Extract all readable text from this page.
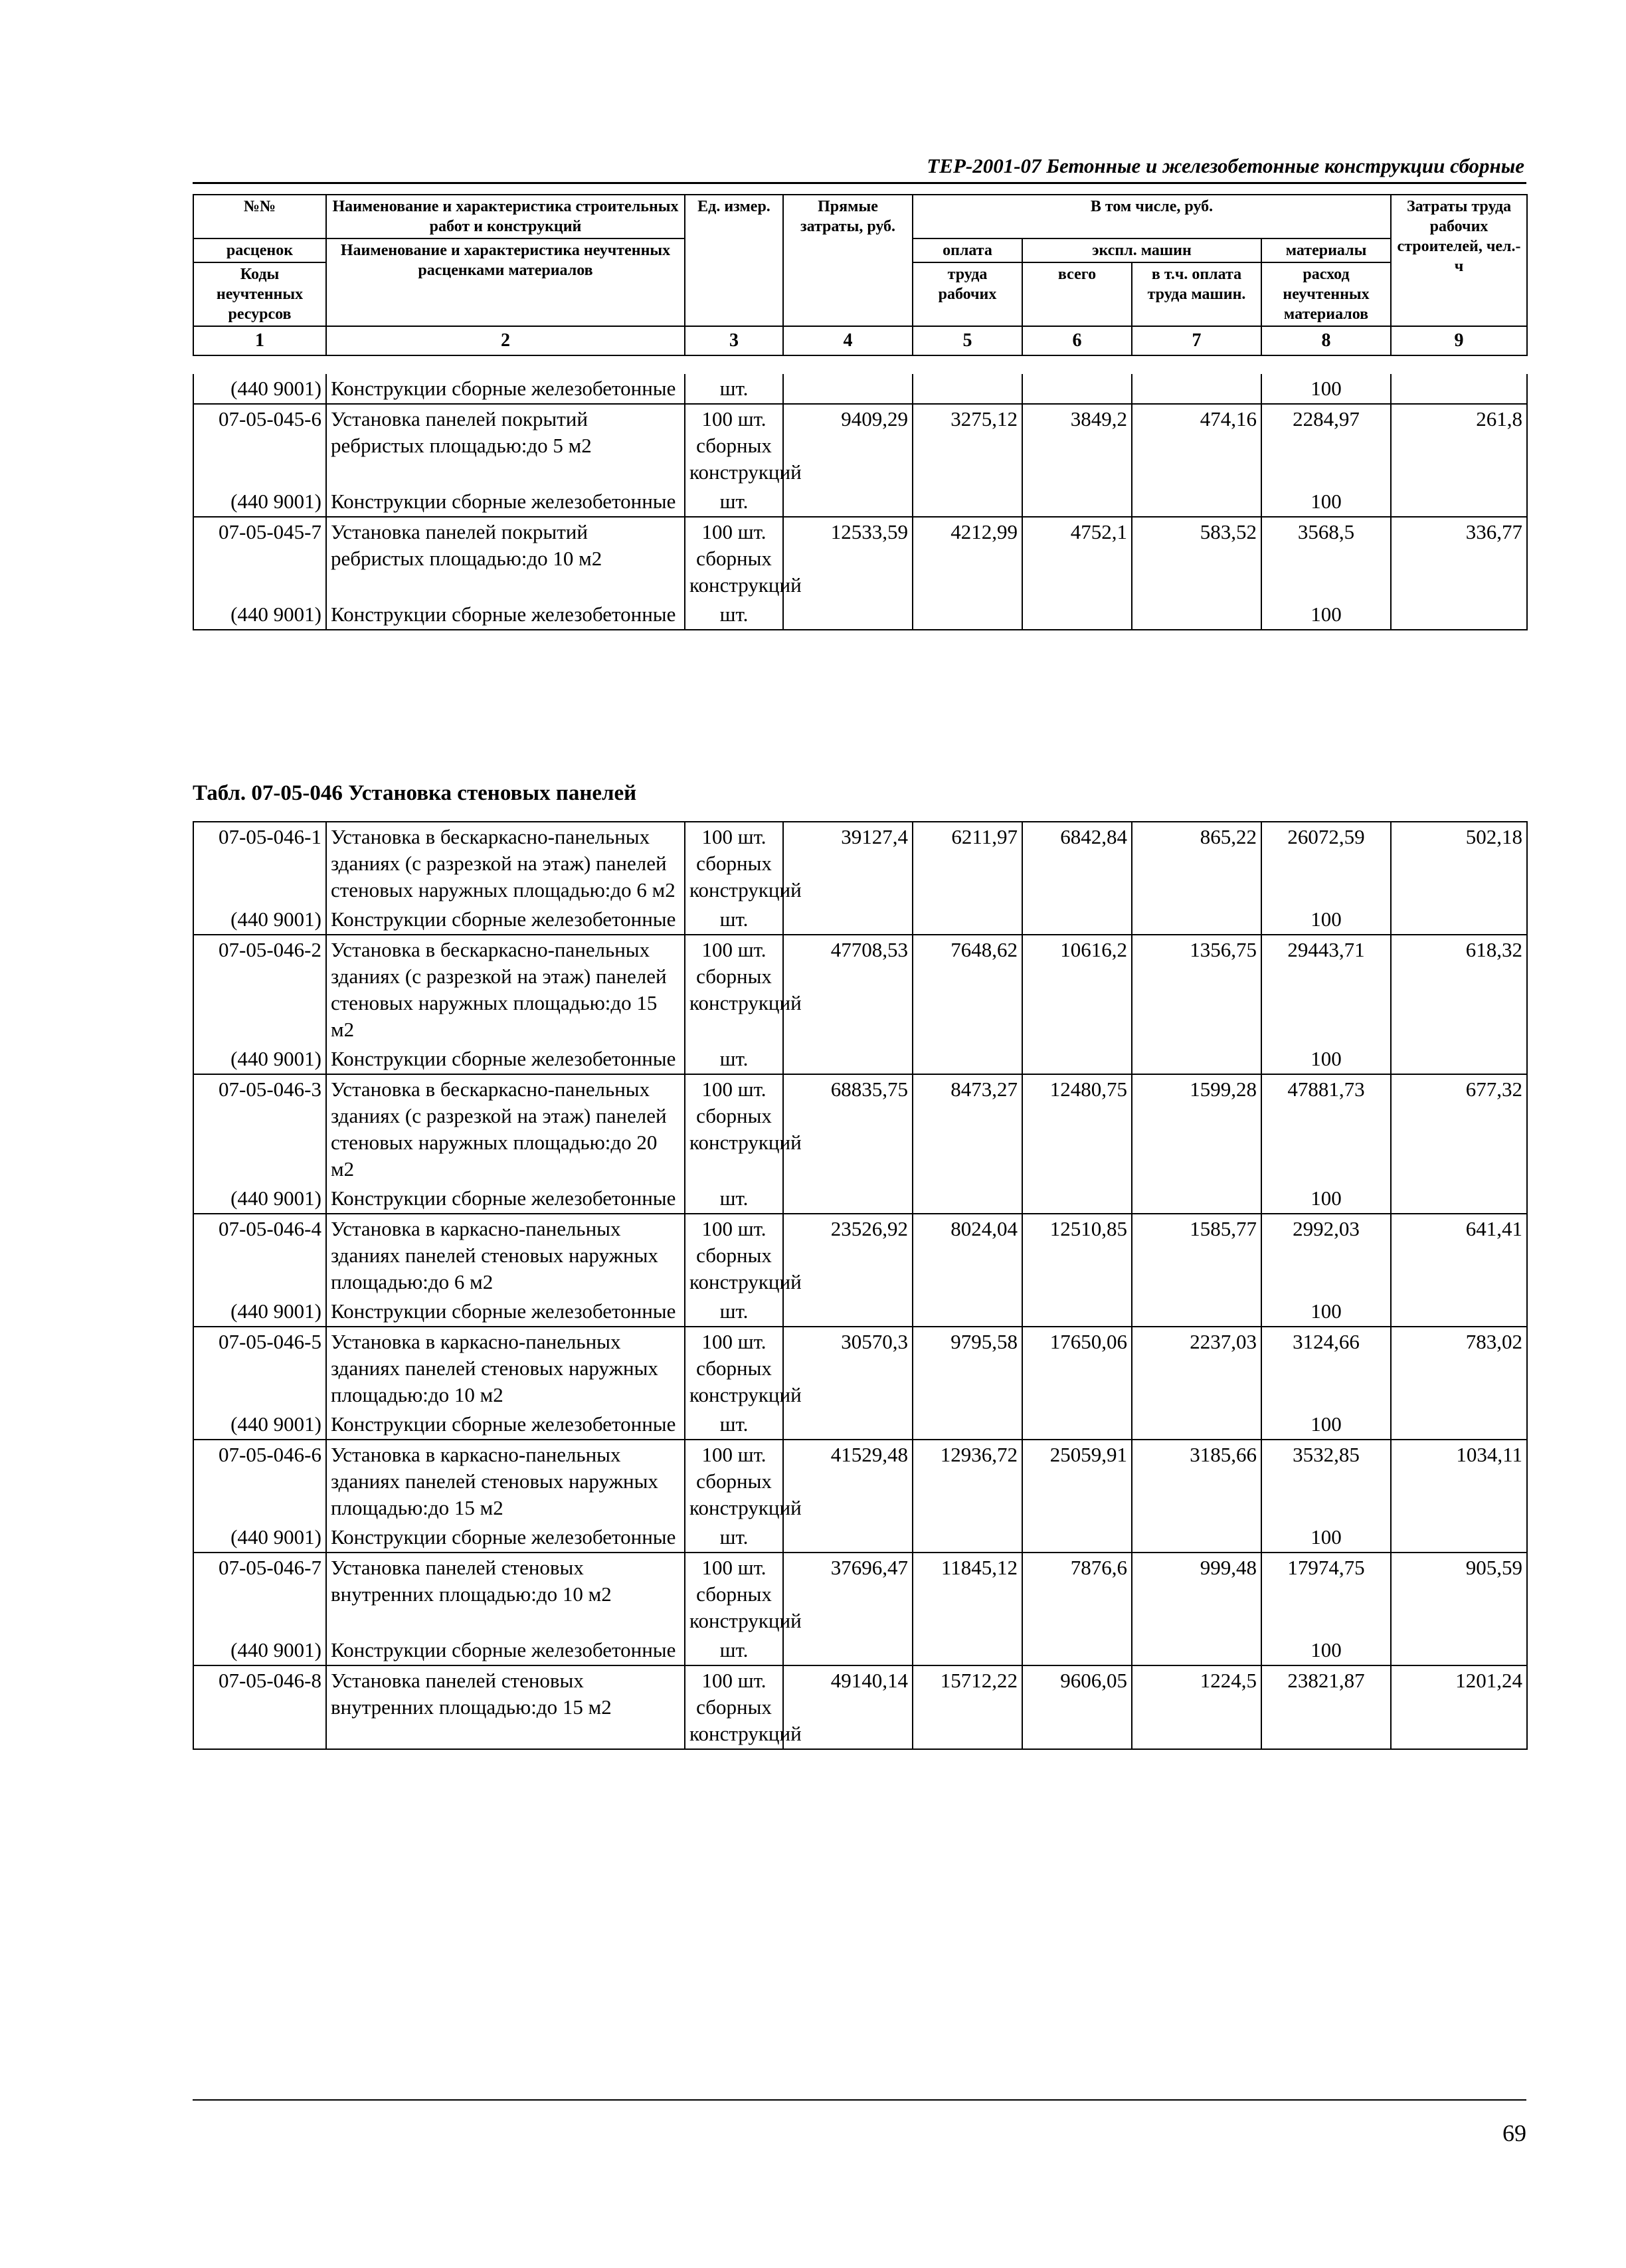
ТЕР-2001-07 Бетонные и железобетонные конструкции сборные
№№	Наименование и характеристика строительных работ и конструкций	Ед. измер.	Прямые затраты, руб.	В том числе, руб.				Затраты труда рабочих строителей, чел.-ч
расценок	Наименование и характеристика неучтенных расценками материалов			оплата	экспл. машин		материалы	
Коды неучтенных ресурсов				труда рабочих	всего	в т.ч. оплата труда машин.	расход неучтенных материалов	

1	2	3	4	5	6	7	8	9
(440 9001)	Конструкции сборные железобетонные	шт.					100	
07-05-045-6	Установка панелей покрытий ребристых площадью:до 5 м2	100 шт. сборных конструкций	9409,29	3275,12	3849,2	474,16	2284,97	261,8
(440 9001)	Конструкции сборные железобетонные	шт.					100	
07-05-045-7	Установка панелей покрытий ребристых площадью:до 10 м2	100 шт. сборных конструкций	12533,59	4212,99	4752,1	583,52	3568,5	336,77
(440 9001)	Конструкции сборные железобетонные	шт.					100	
Табл. 07-05-046 Установка стеновых панелей
07-05-046-1	Установка в бескаркасно-панельных зданиях (с разрезкой на этаж) панелей стеновых наружных площадью:до 6 м2	100 шт. сборных конструкций	39127,4	6211,97	6842,84	865,22	26072,59	502,18
(440 9001)	Конструкции сборные железобетонные	шт.					100	
07-05-046-2	Установка в бескаркасно-панельных зданиях (с разрезкой на этаж) панелей стеновых наружных площадью:до 15 м2	100 шт. сборных конструкций	47708,53	7648,62	10616,2	1356,75	29443,71	618,32
(440 9001)	Конструкции сборные железобетонные	шт.					100	
07-05-046-3	Установка в бескаркасно-панельных зданиях (с разрезкой на этаж) панелей стеновых наружных площадью:до 20 м2	100 шт. сборных конструкций	68835,75	8473,27	12480,75	1599,28	47881,73	677,32
(440 9001)	Конструкции сборные железобетонные	шт.					100	
07-05-046-4	Установка в каркасно-панельных зданиях панелей стеновых наружных площадью:до 6 м2	100 шт. сборных конструкций	23526,92	8024,04	12510,85	1585,77	2992,03	641,41
(440 9001)	Конструкции сборные железобетонные	шт.					100	
07-05-046-5	Установка в каркасно-панельных зданиях панелей стеновых наружных площадью:до 10 м2	100 шт. сборных конструкций	30570,3	9795,58	17650,06	2237,03	3124,66	783,02
(440 9001)	Конструкции сборные железобетонные	шт.					100	
07-05-046-6	Установка в каркасно-панельных зданиях панелей стеновых наружных площадью:до 15 м2	100 шт. сборных конструкций	41529,48	12936,72	25059,91	3185,66	3532,85	1034,11
(440 9001)	Конструкции сборные железобетонные	шт.					100	
07-05-046-7	Установка панелей стеновых внутренних площадью:до 10 м2	100 шт. сборных конструкций	37696,47	11845,12	7876,6	999,48	17974,75	905,59
(440 9001)	Конструкции сборные железобетонные	шт.					100	
07-05-046-8	Установка панелей стеновых внутренних площадью:до 15 м2	100 шт. сборных конструкций	49140,14	15712,22	9606,05	1224,5	23821,87	1201,24
69
